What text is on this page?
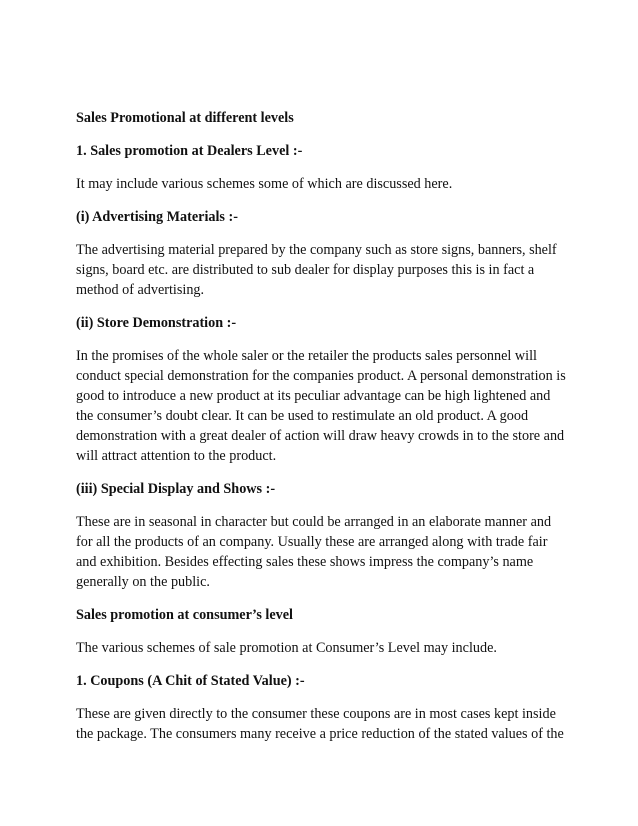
Sales Promotional at different levels
1. Sales promotion at Dealers Level :-
It may include various schemes some of which are discussed here.
(i) Advertising Materials :-
The advertising material prepared by the company such as store signs, banners, shelf
signs, board etc. are distributed to sub dealer for display purposes this is in fact a
method of advertising.
(ii) Store Demonstration :-
In the promises of the whole saler or the retailer the products sales personnel will
conduct special demonstration for the companies product. A personal demonstration is
good to introduce a new product at its peculiar advantage can be high lightened and
the consumer’s doubt clear. It can be used to restimulate an old product. A good
demonstration with a great dealer of action will draw heavy crowds in to the store and
will attract attention to the product.
(iii) Special Display and Shows :-
These are in seasonal in character but could be arranged in an elaborate manner and
for all the products of an company. Usually these are arranged along with trade fair
and exhibition. Besides effecting sales these shows impress the company’s name
generally on the public.
Sales promotion at consumer’s level
The various schemes of sale promotion at Consumer’s Level may include.
1. Coupons (A Chit of Stated Value) :-
These are given directly to the consumer these coupons are in most cases kept inside
the package. The consumers many receive a price reduction of the stated values of the
